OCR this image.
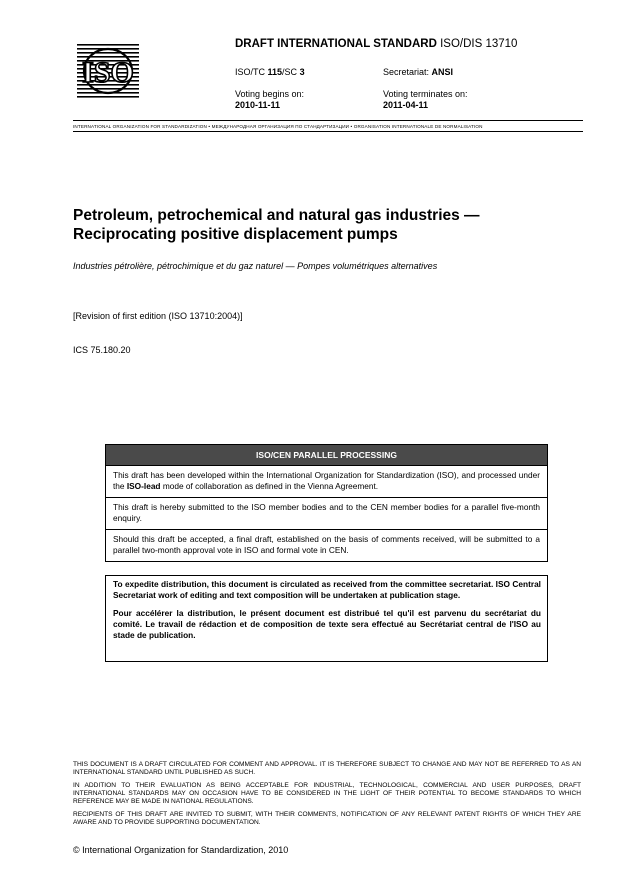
ISO
DRAFT INTERNATIONAL STANDARD ISO/DIS 13710
ISO/TC 115/SC 3	Secretariat: ANSI
Voting begins on:
2010-11-11
Voting terminates on:
2011-04-11
INTERNATIONAL ORGANIZATION FOR STANDARDIZATION • МЕЖДУНАРОДНАЯ ОРГАНИЗАЦИЯ ПО СТАНДАРТИЗАЦИИ • ORGANISATION INTERNATIONALE DE NORMALISATION
Petroleum, petrochemical and natural gas industries —
Reciprocating positive displacement pumps
Industries pétrolière, pétrochimique et du gaz naturel — Pompes volumétriques alternatives
[Revision of first edition (ISO 13710:2004)]
ICS 75.180.20
ISO/CEN PARALLEL PROCESSING
This draft has been developed within the International Organization for Standardization (ISO), and processed under the ISO-lead mode of collaboration as defined in the Vienna Agreement.
This draft is hereby submitted to the ISO member bodies and to the CEN member bodies for a parallel five-month enquiry.
Should this draft be accepted, a final draft, established on the basis of comments received, will be submitted to a parallel two-month approval vote in ISO and formal vote in CEN.

To expedite distribution, this document is circulated as received from the committee secretariat. ISO Central Secretariat work of editing and text composition will be undertaken at publication stage.

Pour accélérer la distribution, le présent document est distribué tel qu'il est parvenu du secrétariat du comité. Le travail de rédaction et de composition de texte sera effectué au Secrétariat central de l'ISO au stade de publication.

THIS DOCUMENT IS A DRAFT CIRCULATED FOR COMMENT AND APPROVAL. IT IS THEREFORE SUBJECT TO CHANGE AND MAY NOT BE REFERRED TO AS AN INTERNATIONAL STANDARD UNTIL PUBLISHED AS SUCH.
IN ADDITION TO THEIR EVALUATION AS BEING ACCEPTABLE FOR INDUSTRIAL, TECHNOLOGICAL, COMMERCIAL AND USER PURPOSES, DRAFT INTERNATIONAL STANDARDS MAY ON OCCASION HAVE TO BE CONSIDERED IN THE LIGHT OF THEIR POTENTIAL TO BECOME STANDARDS TO WHICH REFERENCE MAY BE MADE IN NATIONAL REGULATIONS.
RECIPIENTS OF THIS DRAFT ARE INVITED TO SUBMIT, WITH THEIR COMMENTS, NOTIFICATION OF ANY RELEVANT PATENT RIGHTS OF WHICH THEY ARE AWARE AND TO PROVIDE SUPPORTING DOCUMENTATION.
© International Organization for Standardization, 2010
